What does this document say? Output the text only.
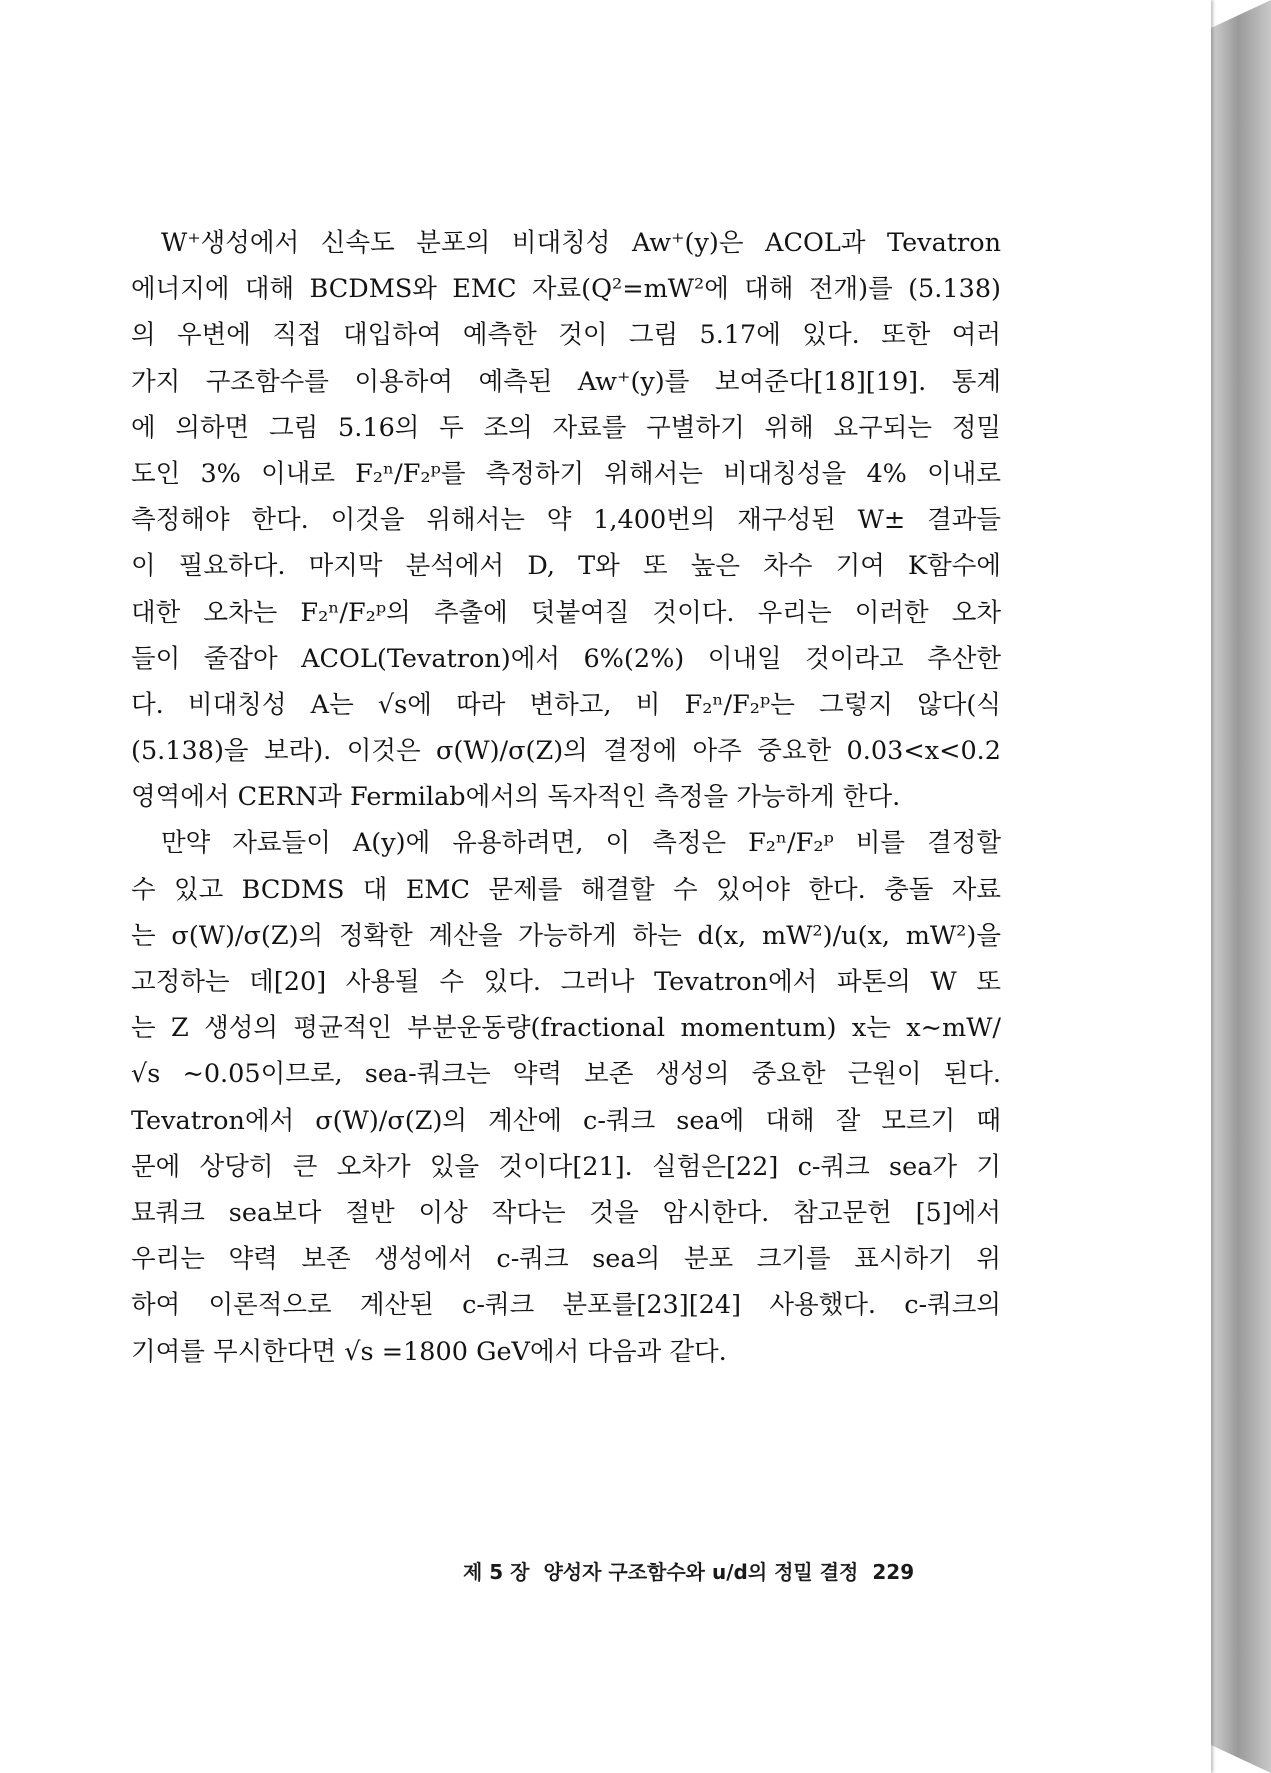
W⁺생성에서 신속도 분포의 비대칭성 Aw⁺(y)은 ACOL과 Tevatron
에너지에 대해 BCDMS와 EMC 자료(Q²=mW²에 대해 전개)를 (5.138)
의 우변에 직접 대입하여 예측한 것이 그림 5.17에 있다. 또한 여러
가지 구조함수를 이용하여 예측된 Aw⁺(y)를 보여준다[18][19]. 통계
에 의하면 그림 5.16의 두 조의 자료를 구별하기 위해 요구되는 정밀
도인 3% 이내로 F₂ⁿ/F₂ᵖ를 측정하기 위해서는 비대칭성을 4% 이내로
측정해야 한다. 이것을 위해서는 약 1,400번의 재구성된 W± 결과들
이 필요하다. 마지막 분석에서 D, T와 또 높은 차수 기여 K함수에
대한 오차는 F₂ⁿ/F₂ᵖ의 추출에 덧붙여질 것이다. 우리는 이러한 오차
들이 줄잡아 ACOL(Tevatron)에서 6%(2%) 이내일 것이라고 추산한
다. 비대칭성 A는 √s에 따라 변하고, 비 F₂ⁿ/F₂ᵖ는 그렇지 않다(식
(5.138)을 보라). 이것은 σ(W)/σ(Z)의 결정에 아주 중요한 0.03<x<0.2
영역에서 CERN과 Fermilab에서의 독자적인 측정을 가능하게 한다.
만약 자료들이 A(y)에 유용하려면, 이 측정은 F₂ⁿ/F₂ᵖ 비를 결정할
수 있고 BCDMS 대 EMC 문제를 해결할 수 있어야 한다. 충돌 자료
는 σ(W)/σ(Z)의 정확한 계산을 가능하게 하는 d(x, mW²)/u(x, mW²)을
고정하는 데[20] 사용될 수 있다. 그러나 Tevatron에서 파톤의 W 또
는 Z 생성의 평균적인 부분운동량(fractional momentum) x는 x∼mW/
√s ∼0.05이므로, sea-쿼크는 약력 보존 생성의 중요한 근원이 된다.
Tevatron에서 σ(W)/σ(Z)의 계산에 c-쿼크 sea에 대해 잘 모르기 때
문에 상당히 큰 오차가 있을 것이다[21]. 실험은[22] c-쿼크 sea가 기
묘쿼크 sea보다 절반 이상 작다는 것을 암시한다. 참고문헌 [5]에서
우리는 약력 보존 생성에서 c-쿼크 sea의 분포 크기를 표시하기 위
하여 이론적으로 계산된 c-쿼크 분포를[23][24] 사용했다. c-쿼크의
기여를 무시한다면 √s =1800 GeV에서 다음과 같다.
제 5 장 양성자 구조함수와 u/d의 정밀 결정 229
